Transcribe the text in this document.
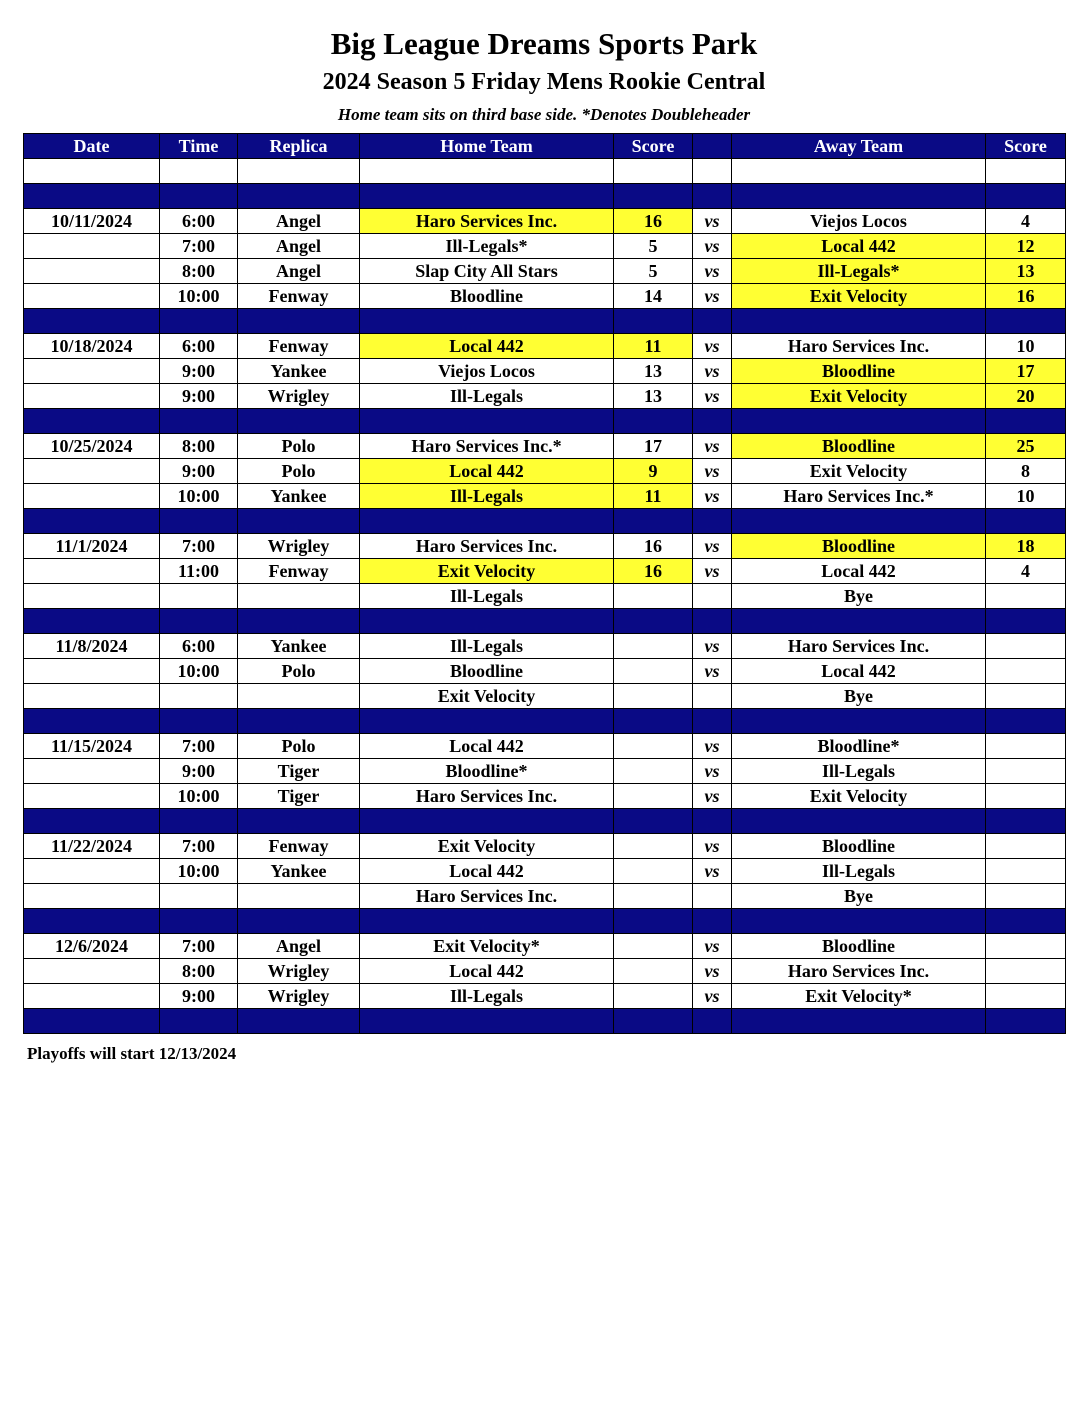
Big League Dreams Sports Park
2024 Season 5 Friday Mens Rookie Central
Home team sits on third base side. *Denotes Doubleheader
Date	Time	Replica	Home Team	Score		Away Team	Score

10/11/2024	6:00	Angel	Haro Services Inc.	16	vs	Viejos Locos	4
	7:00	Angel	Ill-Legals*	5	vs	Local 442	12
	8:00	Angel	Slap City All Stars	5	vs	Ill-Legals*	13
	10:00	Fenway	Bloodline	14	vs	Exit Velocity	16

10/18/2024	6:00	Fenway	Local 442	11	vs	Haro Services Inc.	10
	9:00	Yankee	Viejos Locos	13	vs	Bloodline	17
	9:00	Wrigley	Ill-Legals	13	vs	Exit Velocity	20

10/25/2024	8:00	Polo	Haro Services Inc.*	17	vs	Bloodline	25
	9:00	Polo	Local 442	9	vs	Exit Velocity	8
	10:00	Yankee	Ill-Legals	11	vs	Haro Services Inc.*	10

11/1/2024	7:00	Wrigley	Haro Services Inc.	16	vs	Bloodline	18
	11:00	Fenway	Exit Velocity	16	vs	Local 442	4
			Ill-Legals			Bye	

11/8/2024	6:00	Yankee	Ill-Legals		vs	Haro Services Inc.	
	10:00	Polo	Bloodline		vs	Local 442	
			Exit Velocity			Bye	

11/15/2024	7:00	Polo	Local 442		vs	Bloodline*	
	9:00	Tiger	Bloodline*		vs	Ill-Legals	
	10:00	Tiger	Haro Services Inc.		vs	Exit Velocity	

11/22/2024	7:00	Fenway	Exit Velocity		vs	Bloodline	
	10:00	Yankee	Local 442		vs	Ill-Legals	
			Haro Services Inc.			Bye	

12/6/2024	7:00	Angel	Exit Velocity*		vs	Bloodline	
	8:00	Wrigley	Local 442		vs	Haro Services Inc.	
	9:00	Wrigley	Ill-Legals		vs	Exit Velocity*	

Playoffs will start 12/13/2024
